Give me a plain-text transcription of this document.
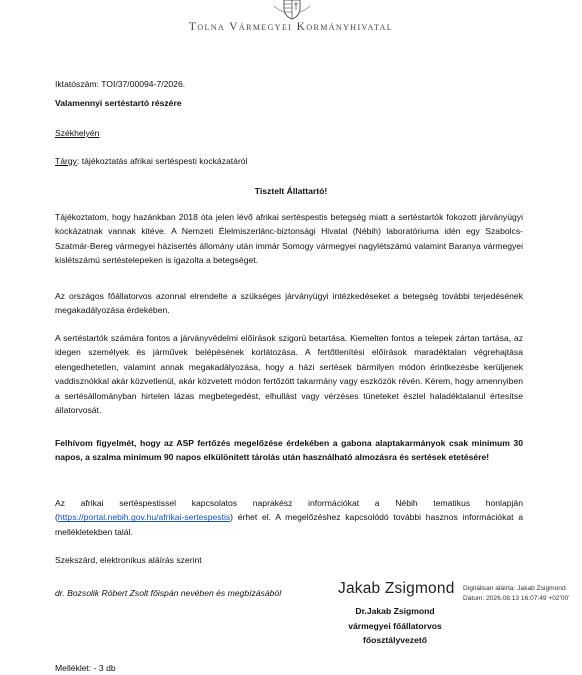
Tolna Vármegyei Kormányhivatal
Iktatószám: TOI/37/00094-7/2026.
Valamennyi sertéstartó részére
Székhelyén
Tárgy: tájékoztatás afrikai sertéspesti kockázatáról
Tisztelt Állattartó!
Tájékoztatom, hogy hazánkban 2018 óta jelen lévő afrikai sertéspestis betegség miatt a sertéstartók fokozott járványügyi kockázatnak vannak kitéve. A Nemzeti Élelmiszerlánc-biztonsági Hivatal (Nébih) laboratóriuma idén egy Szabolcs-Szatmár-Bereg vármegyei házisertés állomány után immár Somogy vármegyei nagylétszámú valamint Baranya vármegyei kislétszámú sertéstelepeken is igazolta a betegséget.
Az országos főállatorvos azonnal elrendelte a szükséges járványügyi intézkedéseket a betegség további terjedésének megakadályozása érdekében.
A sertéstartók számára fontos a járványvédelmi előírások szigorú betartása. Kiemelten fontos a telepek zártan tartása, az idegen személyek és járművek belépésének korlátozása. A fertőtlenítési előírások maradéktalan végrehajtása elengedhetetlen, valamint annak megakadályozása, hogy a házi sertések bármilyen módon érintkezésbe kerüljenek vaddisznókkal akár közvetlenül, akár közvetett módon fertőzött takarmány vagy eszközök révén. Kérem, hogy amennyiben a sertésállományban hirtelen lázas megbetegedést, elhullást vagy vérzéses tüneteket észlel haladéktalanul értesítse állatorvosát.
Felhívom figyelmét, hogy az ASP fertőzés megelőzése érdekében a gabona alaptakarmányok csak minimum 30 napos, a szalma minimum 90 napos elkülönített tárolás után használható almozásra és sertések etetésére!
Az afrikai sertéspestissel kapcsolatos naprakész információkat a Nébih tematikus honlapján (https://portal.nebih.gov.hu/afrikai-sertespestis) érhet el. A megelőzéshez kapcsolódó további hasznos információkat a mellékletekben talál.
Szekszárd, elektronikus aláírás szerint
dr. Bozsolik Róbert Zsolt főispán nevében és megbízásából	Jakab Zsigmond Digitálisan aláírta: Jakab Zsigmond
Dátum: 2026.08.13 16:07:49 +02'00'
Dr.Jakab Zsigmond
vármegyei főállatorvos
főosztályvezető
Melléklet: - 3 db
